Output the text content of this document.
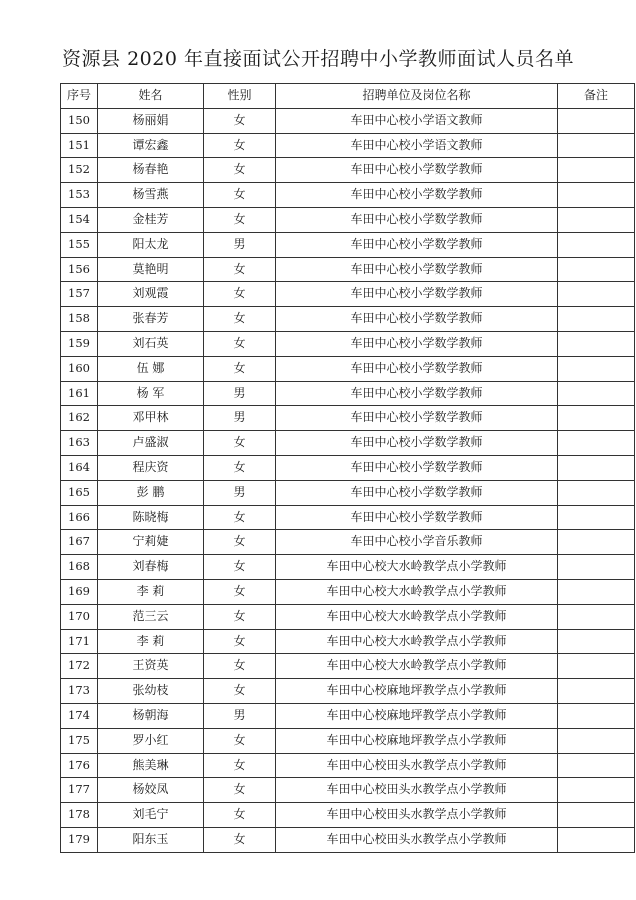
资源县 2020 年直接面试公开招聘中小学教师面试人员名单
序号	姓名	性别	招聘单位及岗位名称	备注
150	杨丽娟	女	车田中心校小学语文教师	
151	谭宏鑫	女	车田中心校小学语文教师	
152	杨春艳	女	车田中心校小学数学教师	
153	杨雪燕	女	车田中心校小学数学教师	
154	金桂芳	女	车田中心校小学数学教师	
155	阳太龙	男	车田中心校小学数学教师	
156	莫艳明	女	车田中心校小学数学教师	
157	刘观霞	女	车田中心校小学数学教师	
158	张春芳	女	车田中心校小学数学教师	
159	刘石英	女	车田中心校小学数学教师	
160	伍 娜	女	车田中心校小学数学教师	
161	杨 军	男	车田中心校小学数学教师	
162	邓甲林	男	车田中心校小学数学教师	
163	卢盛淑	女	车田中心校小学数学教师	
164	程庆资	女	车田中心校小学数学教师	
165	彭 鹏	男	车田中心校小学数学教师	
166	陈晓梅	女	车田中心校小学数学教师	
167	宁莉婕	女	车田中心校小学音乐教师	
168	刘春梅	女	车田中心校大水岭教学点小学教师	
169	李 莉	女	车田中心校大水岭教学点小学教师	
170	范三云	女	车田中心校大水岭教学点小学教师	
171	李 莉	女	车田中心校大水岭教学点小学教师	
172	王资英	女	车田中心校大水岭教学点小学教师	
173	张幼枝	女	车田中心校麻地坪教学点小学教师	
174	杨朝海	男	车田中心校麻地坪教学点小学教师	
175	罗小红	女	车田中心校麻地坪教学点小学教师	
176	熊美琳	女	车田中心校田头水教学点小学教师	
177	杨姣凤	女	车田中心校田头水教学点小学教师	
178	刘毛宁	女	车田中心校田头水教学点小学教师	
179	阳东玉	女	车田中心校田头水教学点小学教师	
